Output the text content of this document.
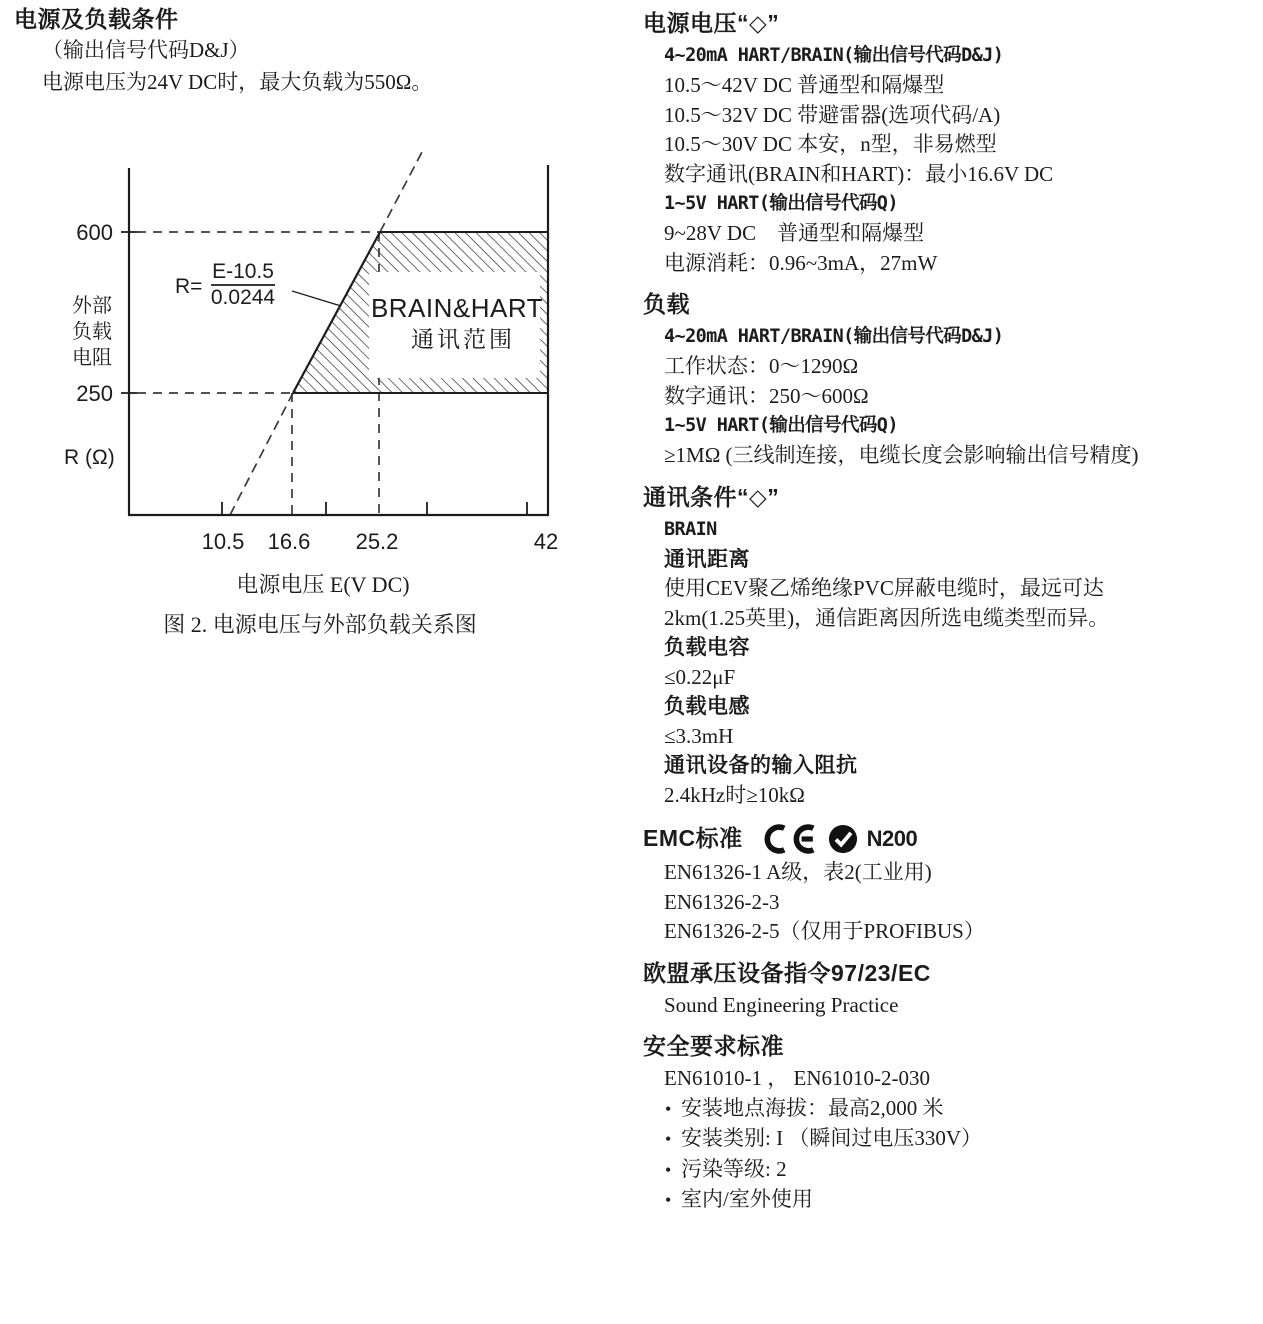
电源及负载条件
（输出信号代码D&J）
电源电压为24V DC时，最大负载为550Ω。
BRAIN&HART
通讯范围
R=
E-10.5
0.0244
600
250
外部
负载
电阻
R (Ω)
10.5 16.6 25.2	42
电源电压 E(V DC)
图 2. 电源电压与外部负载关系图
电源电压“◇”
4~20mA HART/BRAIN(输出信号代码D&J)
10.5～42V DC 普通型和隔爆型
10.5～32V DC 带避雷器(选项代码/A)
10.5～30V DC 本安，n型，非易燃型
数字通讯(BRAIN和HART)：最小16.6V DC
1~5V HART(输出信号代码Q)
9~28V DC　普通型和隔爆型
电源消耗：0.96~3mA，27mW
负载
4~20mA HART/BRAIN(输出信号代码D&J)
工作状态：0～1290Ω
数字通讯：250～600Ω
1~5V HART(输出信号代码Q)
≥1MΩ (三线制连接，电缆长度会影响输出信号精度)
通讯条件“◇”
BRAIN
通讯距离
使用CEV聚乙烯绝缘PVC屏蔽电缆时，最远可达
2km(1.25英里)，通信距离因所选电缆类型而异。
负载电容
≤0.22μF
负载电感
≤3.3mH
通讯设备的输入阻抗
2.4kHz时≥10kΩ
EMC标准	N200
EN61326-1 A级，表2(工业用)
EN61326-2-3
EN61326-2-5（仅用于PROFIBUS）
欧盟承压设备指令97/23/EC
Sound Engineering Practice
安全要求标准
EN61010-1 ， EN61010-2-030
• 安装地点海拔：最高2,000 米
• 安装类别: I （瞬间过电压330V）
• 污染等级: 2
• 室内/室外使用
